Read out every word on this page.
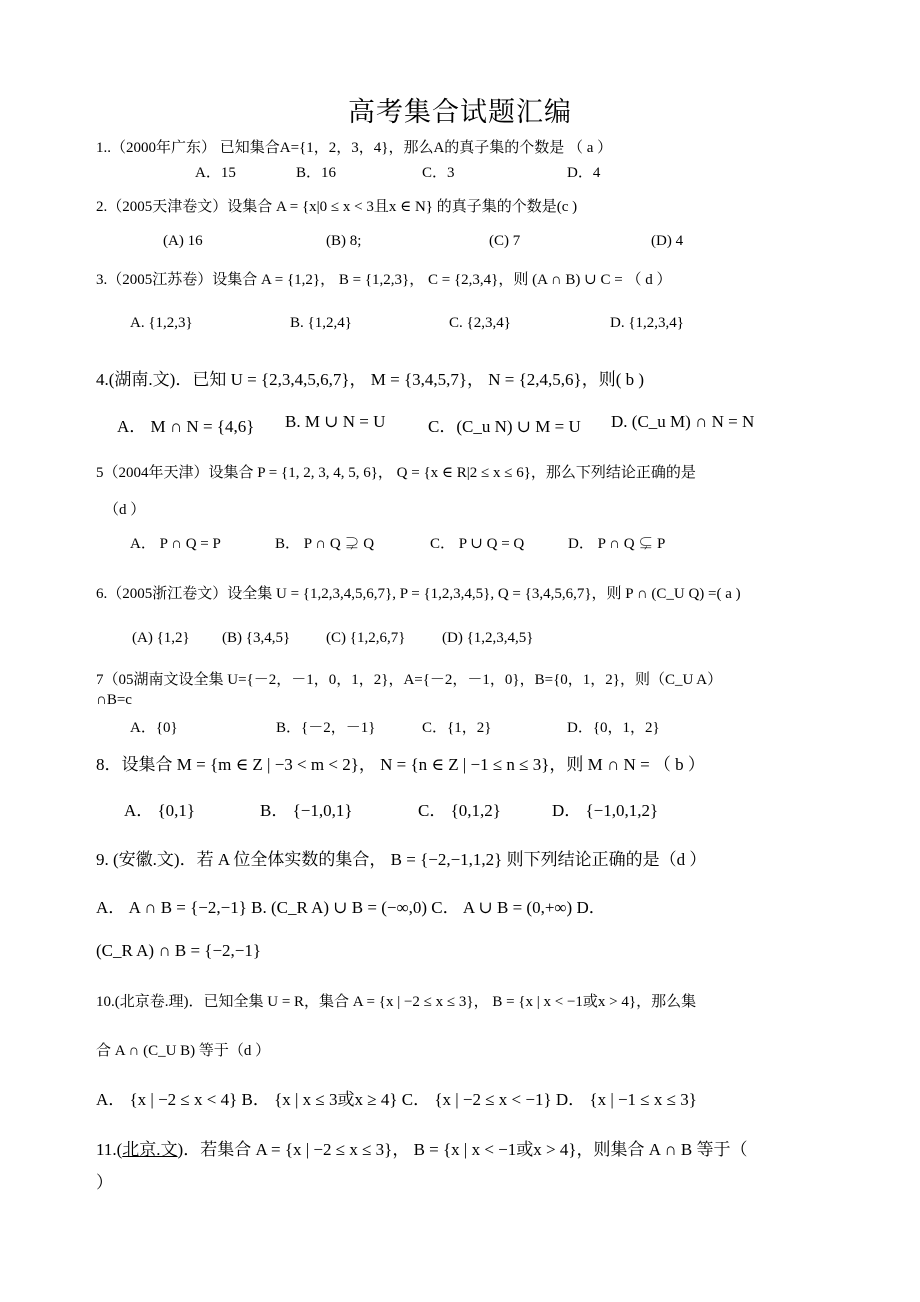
高考集合试题汇编
1..（2000年广东） 已知集合A={1，2，3，4}，那么A的真子集的个数是 （ a ）
A．15	B．16	C．3	D．4
2.（2005天津卷文）设集合 A = {x|0 ≤ x < 3且x ∈ N} 的真子集的个数是(c )
(A) 16	(B) 8;	(C) 7	(D) 4
3.（2005江苏卷）设集合 A = {1,2}， B = {1,2,3}， C = {2,3,4}，则 (A ∩ B) ∪ C = （ d ）
A. {1,2,3}	B. {1,2,4}	C. {2,3,4}	D. {1,2,3,4}
4.(湖南.文)．已知 U = {2,3,4,5,6,7}， M = {3,4,5,7}， N = {2,4,5,6}，则( b )
A． M ∩ N = {4,6} B. M ∪ N = U	C．(C_u N) ∪ M = U D. (C_u M) ∩ N = N
5（2004年天津）设集合 P = {1, 2, 3, 4, 5, 6}， Q = {x ∈ R|2 ≤ x ≤ 6}，那么下列结论正确的是
（d ）
A． P ∩ Q = P	B． P ∩ Q ⊋ Q	C． P ∪ Q = Q	D． P ∩ Q ⊊ P
6.（2005浙江卷文）设全集 U = {1,2,3,4,5,6,7}, P = {1,2,3,4,5}, Q = {3,4,5,6,7}，则 P ∩ (C_U Q) =( a )
(A) {1,2} (B) {3,4,5} (C) {1,2,6,7} (D) {1,2,3,4,5}
7（05湖南文设全集 U={－2，－1，0，1，2}，A={－2，－1，0}，B={0，1，2}，则（C_U A）
∩B=c
A．{0}	B．{－2，－1}	C．{1，2}	D．{0，1，2}
8．设集合 M = {m ∈ Z | −3 < m < 2}， N = {n ∈ Z | −1 ≤ n ≤ 3}，则 M ∩ N = （ b ）
A． {0,1}	B． {−1,0,1}	C． {0,1,2}	D． {−1,0,1,2}
9. (安徽.文)．若 A 位全体实数的集合， B = {−2,−1,1,2} 则下列结论正确的是（d ）
A． A ∩ B = {−2,−1} B. (C_R A) ∪ B = (−∞,0) C． A ∪ B = (0,+∞) D．
(C_R A) ∩ B = {−2,−1}
10.(北京卷.理)．已知全集 U = R，集合 A = {x | −2 ≤ x ≤ 3}， B = {x | x < −1或x > 4}，那么集
合 A ∩ (C_U B) 等于（d ）
A． {x | −2 ≤ x < 4} B． {x | x ≤ 3或x ≥ 4} C． {x | −2 ≤ x < −1} D． {x | −1 ≤ x ≤ 3}
11.(北京.文)．若集合 A = {x | −2 ≤ x ≤ 3}， B = {x | x < −1或x > 4}，则集合 A ∩ B 等于（
）
